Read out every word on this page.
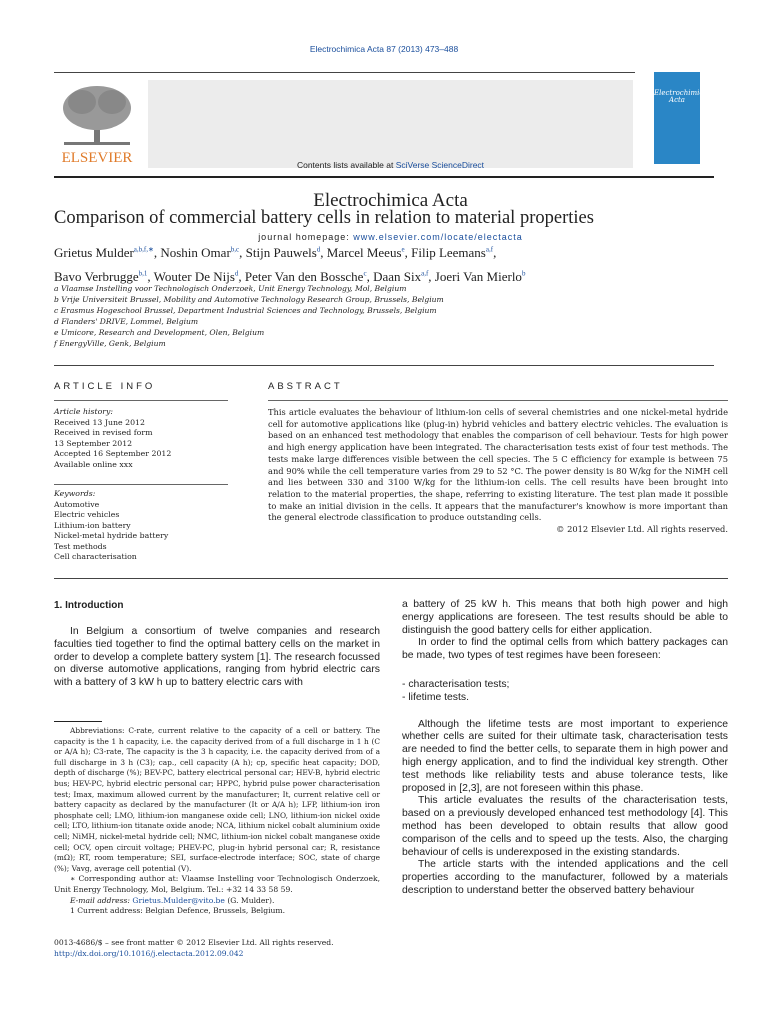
Electrochimica Acta 87 (2013) 473–488
ELSEVIER	Contents lists available at SciVerse ScienceDirect
Electrochimica Acta
journal homepage: www.elsevier.com/locate/electacta
Electrochimica Acta
Comparison of commercial battery cells in relation to material properties
Grietus Mulder$^{a,b,f,∗}$, Noshin Omar$^{b,c}$, Stijn Pauwels$^d$, Marcel Meeus$^e$, Filip Leemans$^{a,f}$,
Bavo Verbrugge$^{b,1}$, Wouter De Nijs$^d$, Peter Van den Bossche$^c$, Daan Six$^{a,f}$, Joeri Van Mierlo$^b$
a Vlaamse Instelling voor Technologisch Onderzoek, Unit Energy Technology, Mol, Belgium
b Vrije Universiteit Brussel, Mobility and Automotive Technology Research Group, Brussels, Belgium
c Erasmus Hogeschool Brussel, Department Industrial Sciences and Technology, Brussels, Belgium
d Flanders' DRIVE, Lommel, Belgium
e Umicore, Research and Development, Olen, Belgium
f EnergyVille, Genk, Belgium
ARTICLE INFO
Article history:
Received 13 June 2012
Received in revised form
13 September 2012
Accepted 16 September 2012
Available online xxx
Keywords:
Automotive
Electric vehicles
Lithium-ion battery
Nickel-metal hydride battery
Test methods
Cell characterisation
ABSTRACT
This article evaluates the behaviour of lithium-ion cells of several chemistries and one nickel-metal hydride cell for automotive applications like (plug-in) hybrid vehicles and battery electric vehicles. The evaluation is based on an enhanced test methodology that enables the comparison of cell behaviour. Tests for high power and high energy application have been integrated. The characterisation tests exist of four test methods. The tests make large differences visible between the cell species. The 5 C efficiency for example is between 75 and 90% while the cell temperature varies from 29 to 52 °C. The power density is 80 W/kg for the NiMH cell and lies between 330 and 3100 W/kg for the lithium-ion cells. The cell results have been brought into relation to the material properties, the shape, referring to existing literature. The test plan made it possible to make an initial division in the cells. It appears that the manufacturer's knowhow is more important than the general electrode classification to produce outstanding cells.
© 2012 Elsevier Ltd. All rights reserved.
1. Introduction

In Belgium a consortium of twelve companies and research faculties tied together to find the optimal battery cells on the market in order to develop a complete battery system [1]. The research focussed on diverse automotive applications, ranging from hybrid electric cars with a battery of 3 kW h up to battery electric cars with

Abbreviations: C-rate, current relative to the capacity of a cell or battery. The capacity is the 1 h capacity, i.e. the capacity derived from of a full discharge in 1 h (C or A/A h); C3-rate, The capacity is the 3 h capacity, i.e. the capacity derived from of a full discharge in 3 h (C3); cap., cell capacity (A h); cp, specific heat capacity; DOD, depth of discharge (%); BEV-PC, battery electrical personal car; HEV-B, hybrid electric bus; HEV-PC, hybrid electric personal car; HPPC, hybrid pulse power characterisation test; Imax, maximum allowed current by the manufacturer; It, current relative cell or battery capacity as declared by the manufacturer (It or A/A h); LFP, lithium-ion iron phosphate cell; LMO, lithium-ion manganese oxide cell; LNO, lithium-ion nickel oxide cell; LTO, lithium-ion titanate oxide anode; NCA, lithium nickel cobalt aluminium oxide cell; NiMH, nickel-metal hydride cell; NMC, lithium-ion nickel cobalt manganese oxide cell; OCV, open circuit voltage; PHEV-PC, plug-in hybrid personal car; R, resistance (mΩ); RT, room temperature; SEI, surface-electrode interface; SOC, state of charge (%); Vavg, average cell potential (V).

∗ Corresponding author at: Vlaamse Instelling voor Technologisch Onderzoek, Unit Energy Technology, Mol, Belgium. Tel.: +32 14 33 58 59.

E-mail address: Grietus.Mulder@vito.be (G. Mulder).

1 Current address: Belgian Defence, Brussels, Belgium.

0013-4686/$ – see front matter © 2012 Elsevier Ltd. All rights reserved.
http://dx.doi.org/10.1016/j.electacta.2012.09.042

a battery of 25 kW h. This means that both high power and high energy applications are foreseen. The test results should be able to distinguish the good battery cells for either application.

In order to find the optimal cells from which battery packages can be made, two types of test regimes have been foreseen:

- characterisation tests;
- lifetime tests.

Although the lifetime tests are most important to experience whether cells are suited for their ultimate task, characterisation tests are needed to find the better cells, to separate them in high power and high energy application, and to find the individual key strength. Other test methods like reliability tests and abuse tolerance tests, like proposed in [2,3], are not foreseen within this phase.

This article evaluates the results of the characterisation tests, based on a previously developed enhanced test methodology [4]. This method has been developed to obtain results that allow good comparison of the cells and to speed up the tests. Also, the charging behaviour of cells is underexposed in the existing standards.

The article starts with the intended applications and the cell properties according to the manufacturer, followed by a materials description to understand better the observed battery behaviour
